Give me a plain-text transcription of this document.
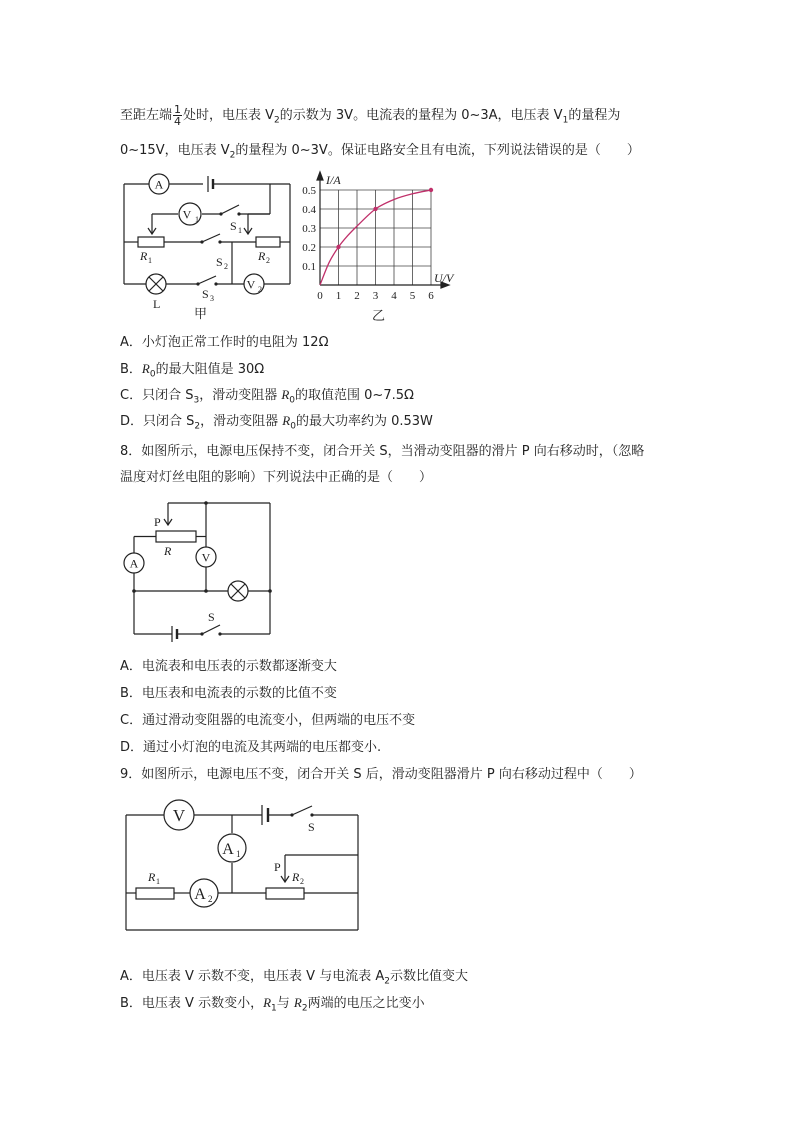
至距左端 $\frac{1}{4}$ 处时，电压表 $V_2$的示数为 3V。电流表的量程为 0~3A，电压表 $V_1$的量程为
0~15V，电压表 $V_2$的量程为 0~3V。保证电路安全且有电流，下列说法错误的是（　　）
A
V 1
V 2
S 1
S 2
S 3
R 1	R 2
L
甲
0 1 2 3 4 5 6
0.1
0.2
0.3
0.4
0.5
I/A
U/V
乙
A．小灯泡正常工作时的电阻为 12Ω
B．$R_0$的最大阻值是 30Ω
C．只闭合 $S_3$，滑动变阻器 $R_0$的取值范围 0~7.5Ω
D．只闭合 $S_2$，滑动变阻器 $R_0$的最大功率约为 0.53W
8．如图所示，电源电压保持不变，闭合开关 S，当滑动变阻器的滑片 P 向右移动时，（忽略
温度对灯丝电阻的影响）下列说法中正确的是（　　）
P
R
A	V
S
A．电流表和电压表的示数都逐渐变大
B．电压表和电流表的示数的比值不变
C．通过滑动变阻器的电流变小，但两端的电压不变
D．通过小灯泡的电流及其两端的电压都变小.
9．如图所示，电源电压不变，闭合开关 S 后，滑动变阻器滑片 P 向右移动过程中（　　）
V
S
A 1
A 2
P
R 1	R 2
A．电压表 V 示数不变，电压表 V 与电流表 $A_2$示数比值变大
B．电压表 V 示数变小，$R_1$与 $R_2$两端的电压之比变小
